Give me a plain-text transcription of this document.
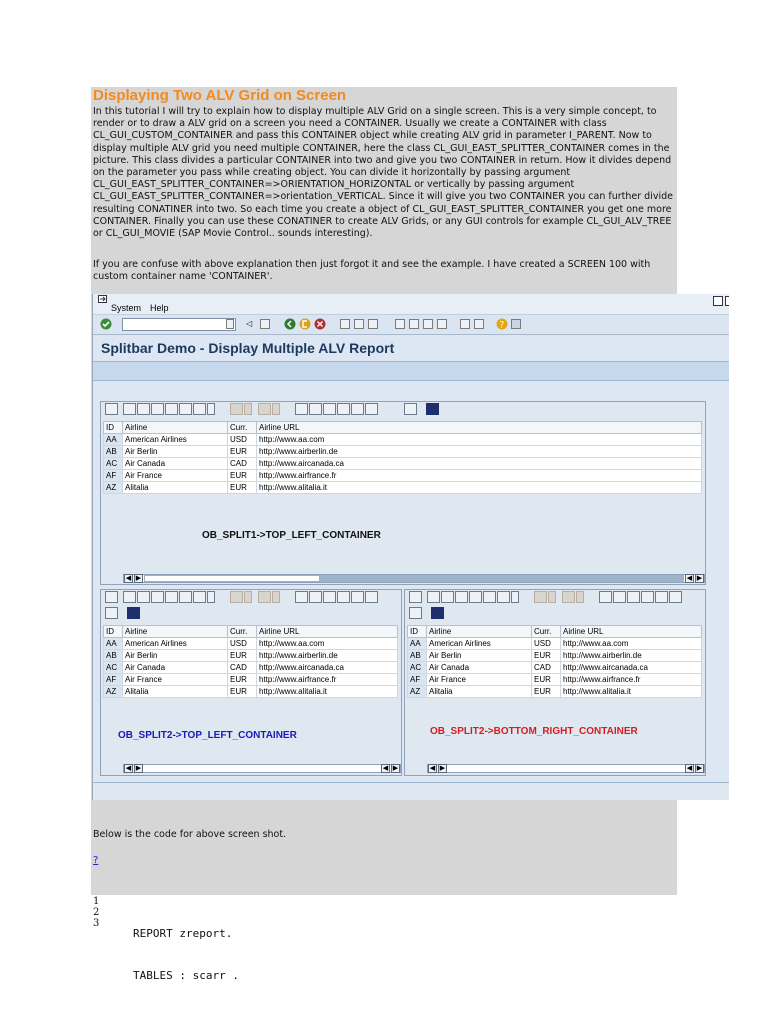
Displaying Two ALV Grid on Screen
In this tutorial I will try to explain how to display multiple ALV Grid on a single screen. This is a very simple concept, to render or to draw a ALV grid on a screen you need a CONTAINER. Usually we create a CONTAINER with class CL_GUI_CUSTOM_CONTAINER and pass this CONTAINER object while creating ALV grid in parameter I_PARENT. Now to display multiple ALV grid you need multiple CONTAINER, here the class CL_GUI_EAST_SPLITTER_CONTAINER comes in the picture. This class divides a particular CONTAINER into two and give you two CONTAINER in return. How it divides depend on the parameter you pass while creating object. You can divide it horizontally by passing argument CL_GUI_EAST_SPLITTER_CONTAINER=>ORIENTATION_HORIZONTAL or vertically by passing argument CL_GUI_EAST_SPLITTER_CONTAINER=>orientation_VERTICAL. Since it will give you two CONTAINER you can further divide resulting CONATINER into two. So each time you create a object of CL_GUI_EAST_SPLITTER_CONTAINER you get one more CONTAINER. Finally you can use these CONATINER to create ALV Grids, or any GUI controls for example CL_GUI_ALV_TREE or CL_GUI_MOVIE (SAP Movie Control.. sounds interesting).
If you are confuse with above explanation then just forgot it and see the example. I have created a SCREEN 100 with custom container name 'CONTAINER'.
System Help
◁	?
Splitbar Demo - Display Multiple ALV Report
ID	Airline	Curr.	Airline URL
AA	American Airlines	USD	http://www.aa.com
AB	Air Berlin	EUR	http://www.airberlin.de
AC	Air Canada	CAD	http://www.aircanada.ca
AF	Air France	EUR	http://www.airfrance.fr
AZ	Alitalia	EUR	http://www.alitalia.it
OB_SPLIT1->TOP_LEFT_CONTAINER
◀ ▶	◀ ▶
ID	Airline	Curr.	Airline URL
AA	American Airlines	USD	http://www.aa.com
AB	Air Berlin	EUR	http://www.airberlin.de
AC	Air Canada	CAD	http://www.aircanada.ca
AF	Air France	EUR	http://www.airfrance.fr
AZ	Alitalia	EUR	http://www.alitalia.it
OB_SPLIT2->TOP_LEFT_CONTAINER
◀ ▶	◀ ▶
ID	Airline	Curr.	Airline URL
AA	American Airlines	USD	http://www.aa.com
AB	Air Berlin	EUR	http://www.airberlin.de
AC	Air Canada	CAD	http://www.aircanada.ca
AF	Air France	EUR	http://www.airfrance.fr
AZ	Alitalia	EUR	http://www.alitalia.it
OB_SPLIT2->BOTTOM_RIGHT_CONTAINER
◀ ▶	◀ ▶
Below is the code for above screen shot.
?
1
2
3

REPORT zreport.

TABLES : scarr .
